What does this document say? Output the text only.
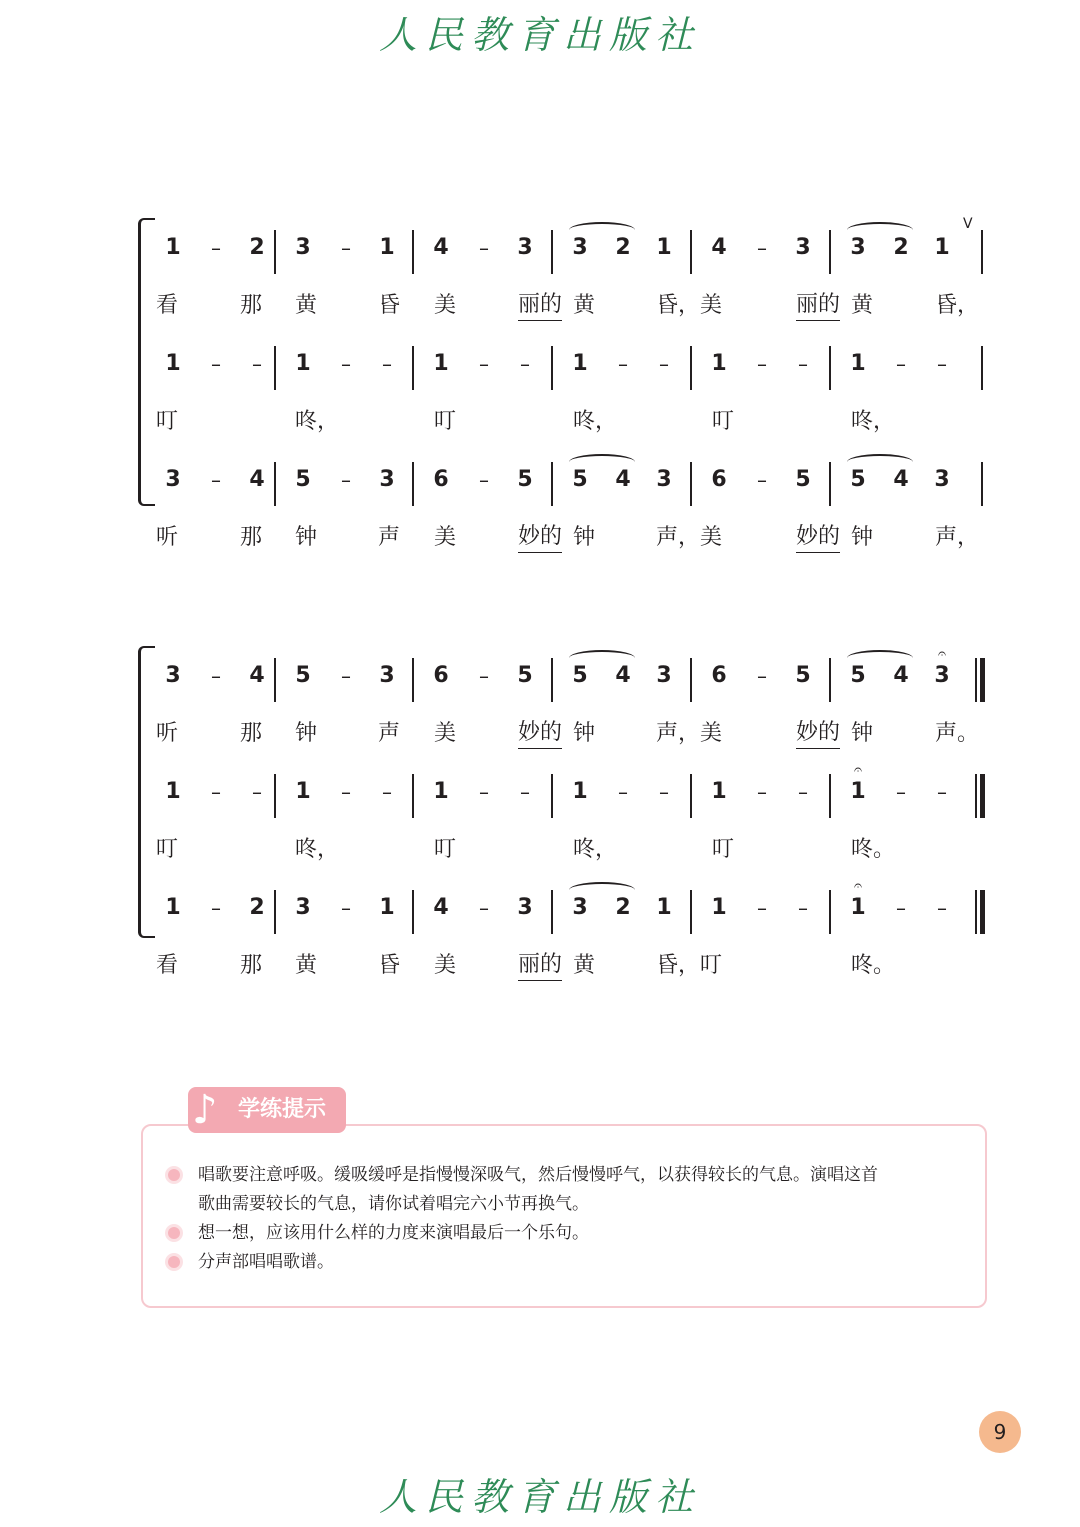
人民教育出版社
1	–	2	3	–	1	4	–	3	3	2	1	4	–	3	3	2	1
V
看	那 黄	昏 美	丽的 黄	昏，美	丽的 黄	昏，
1	–	–	1	–	–	1	–	–	1	–	–	1	–	–	1	–	–
叮	咚，	叮	咚，	叮	咚，
3	–	4	5	–	3	6	–	5	5	4	3	6	–	5	5	4	3
听	那 钟	声 美	妙的 钟	声，美	妙的 钟	声，
3	–	4	5	–	3	6	–	5	5	4	3	6	–	5	5	4	3
𝄐
听	那 钟	声 美	妙的 钟	声，美	妙的 钟	声。
1	–	–	1	–	–	1	–	–	1	–	–	1	–	–	1	–	–
𝄐
叮	咚，	叮	咚，	叮	咚。
1	–	2	3	–	1	4	–	3	3	2	1	1	–	–	1	–	–
𝄐
看	那 黄	昏 美	丽的 黄	昏，叮	咚。
♪ 学练提示
唱歌要注意呼吸。缓吸缓呼是指慢慢深吸气，然后慢慢呼气，以获得较长的气息。演唱这首
歌曲需要较长的气息，请你试着唱完六小节再换气。
想一想，应该用什么样的力度来演唱最后一个乐句。
分声部唱唱歌谱。
9
人民教育出版社
